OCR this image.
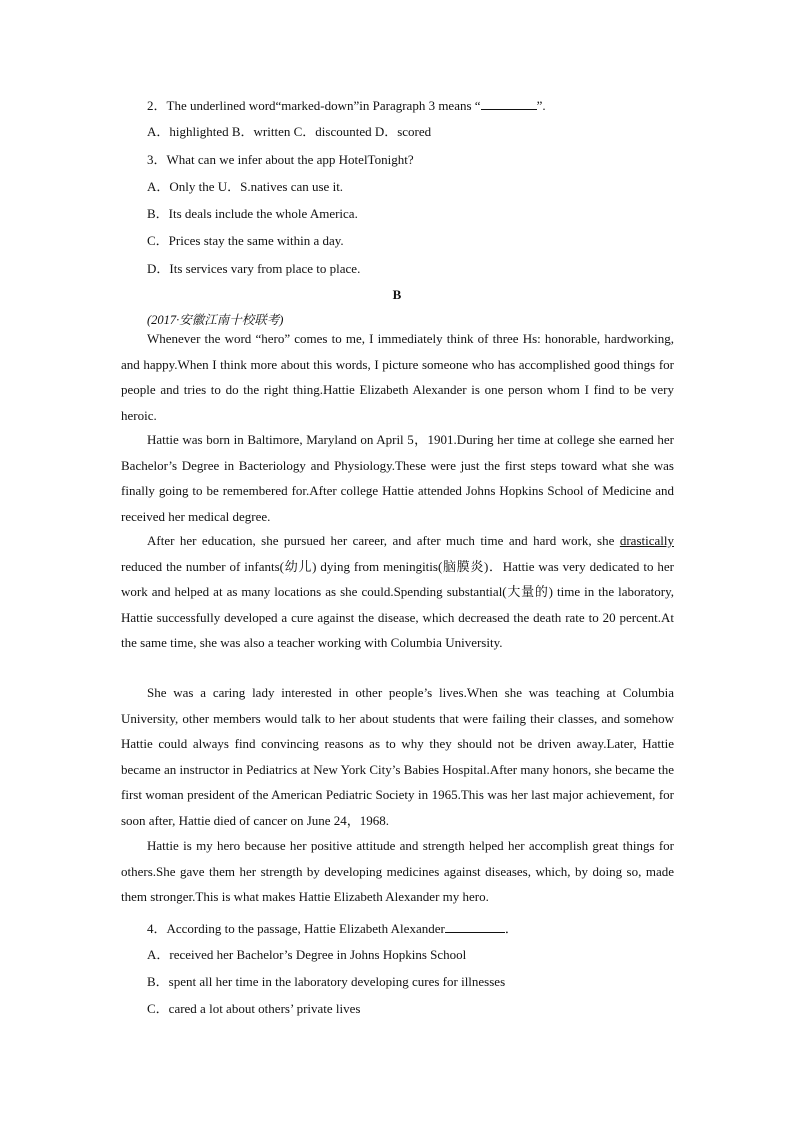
2．The underlined word“marked-down”in Paragraph 3 means “	”.
A．highlighted B．written C．discounted D．scored
3．What can we infer about the app HotelTonight?
A．Only the U．S.natives can use it.
B．Its deals include the whole America.
C．Prices stay the same within a day.
D．Its services vary from place to place.
B
(2017·安徽江南十校联考)

Whenever the word “hero” comes to me, I immediately think of three Hs: honorable, hardworking, and happy.When I think more about this words, I picture someone who has accomplished good things for people and tries to do the right thing.Hattie Elizabeth Alexander is one person whom I find to be very heroic.

Hattie was born in Baltimore, Maryland on April 5，1901.During her time at college she earned her Bachelor’s Degree in Bacteriology and Physiology.These were just the first steps toward what she was finally going to be remembered for.After college Hattie attended Johns Hopkins School of Medicine and received her medical degree.

After her education, she pursued her career, and after much time and hard work, she drastically reduced the number of infants(幼儿) dying from meningitis(脑膜炎)．Hattie was very dedicated to her work and helped at as many locations as she could.Spending substantial(大量的) time in the laboratory, Hattie successfully developed a cure against the disease, which decreased the death rate to 20 percent.At the same time, she was also a teacher working with Columbia University.

She was a caring lady interested in other people’s lives.When she was teaching at Columbia University, other members would talk to her about students that were failing their classes, and somehow Hattie could always find convincing reasons as to why they should not be driven away.Later, Hattie became an instructor in Pediatrics at New York City’s Babies Hospital.After many honors, she became the first woman president of the American Pediatric Society in 1965.This was her last major achievement, for soon after, Hattie died of cancer on June 24，1968.

Hattie is my hero because her positive attitude and strength helped her accomplish great things for others.She gave them her strength by developing medicines against diseases, which, by doing so, made them stronger.This is what makes Hattie Elizabeth Alexander my hero.

4．According to the passage, Hattie Elizabeth Alexander	．
A．received her Bachelor’s Degree in Johns Hopkins School
B．spent all her time in the laboratory developing cures for illnesses
C．cared a lot about others’ private lives
